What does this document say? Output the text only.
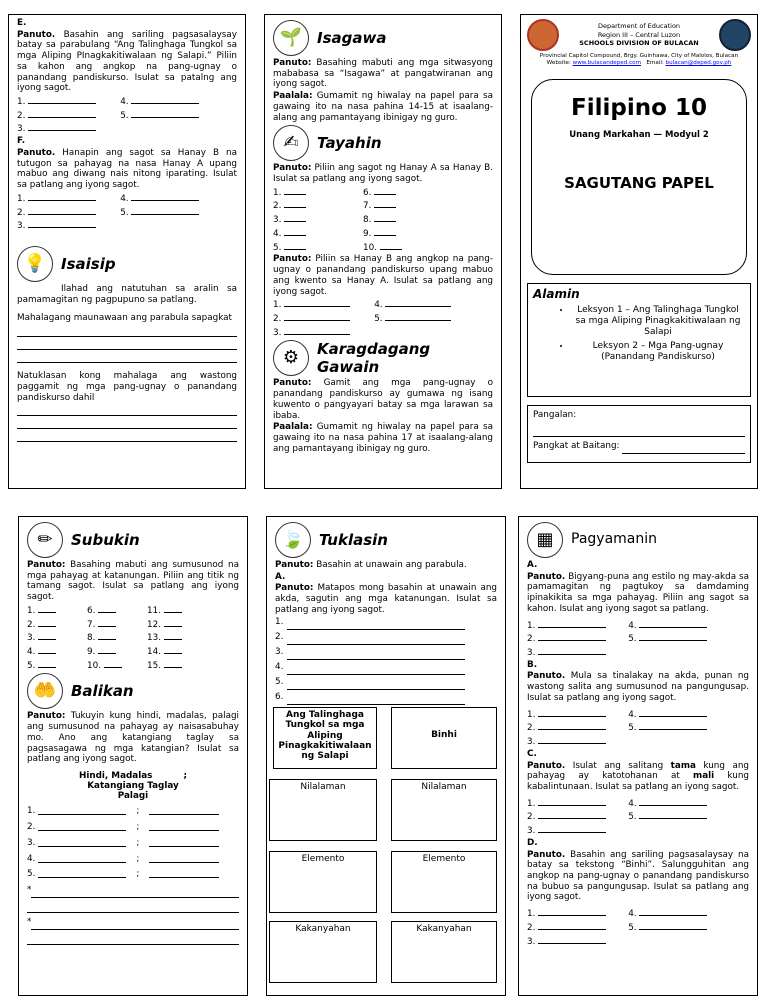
E.

Panuto. Basahin ang sariling pagsasalaysay batay sa parabulang “Ang Talinghaga Tungkol sa mga Aliping PInagkakitiwalaan ng Salapi.” Piliin sa kahon ang angkop na pang-ugnay o panandang pandiskurso. Isulat sa patalng ang iyong sagot.

1.	4.
2.	5.
3.
F.

Panuto. Hanapin ang sagot sa Hanay B na tutugon sa pahayag na nasa Hanay A upang mabuo ang diwang nais nitong iparating. Isulat sa patlang ang iyong sagot.

1.	4.
2.	5.
3.
💡 Isaisip

Ilahad ang natutuhan sa aralin sa pamamagitan ng pagpupuno sa patlang.

Mahalagang maunawaan ang parabula sapagkat

Natuklasan kong mahalaga ang wastong paggamit ng mga pang-ugnay o panandang pandiskurso dahil

🌱 Isagawa

Panuto: Basahing mabuti ang mga sitwasyong mababasa sa “Isagawa” at pangatwiranan ang iyong sagot.

Paalala: Gumamit ng hiwalay na papel para sa gawaing ito na nasa pahina 14-15 at isaalang-alang ang pamantayang ibinigay ng guro.

✍	Tayahin

Panuto: Piliin ang sagot ng Hanay A sa Hanay B. Isulat sa patlang ang iyong sagot.

1.	6.
2.	7.
3.	8.
4.	9.
5.	10.

Panuto: Piliin sa Hanay B ang angkop na pang-ugnay o panandang pandiskurso upang mabuo ang kwento sa Hanay A. Isulat sa patlang ang iyong sagot.

1.	4.
2.	5.
3.
⚙	Karagdagang Gawain

Panuto: Gamit ang mga pang-ugnay o panandang pandiskurso ay gumawa ng isang kuwento o pangyayari batay sa mga larawan sa ibaba.

Paalala: Gumamit ng hiwalay na papel para sa gawaing ito na nasa pahina 17 at isaalang-alang ang pamantayang ibinigay ng guro.

Department of Education
Region III – Central Luzon
SCHOOLS DIVISION OF BULACAN
Provincial Capitol Compound, Brgy. Guinhawa, City of Malolos, Bulacan
Website: www.bulacandeped.com Email: bulacan@deped.gov.ph
Filipino 10
Unang Markahan — Modyul 2
SAGUTANG PAPEL
Alamin
• Leksyon 1 – Ang Talinghaga Tungkol sa mga Aliping Pinagkakitiwalaan ng Salapi
• Leksyon 2 – Mga Pang-ugnay (Panandang Pandiskurso)
Pangalan:
Pangkat at Baitang:
✏	Subukin

Panuto: Basahing mabuti ang sumusunod na mga pahayag at katanungan. Piliin ang titik ng tamang sagot. Isulat sa patlang ang iyong sagot.

1.	6.	11.
2.	7.	12.
3.	8.	13.
4.	9.	14.
5.	10.	15.
🤲 Balikan

Panuto: Tukuyin kung hindi, madalas, palagi ang sumusunod na pahayag ay naisasabuhay mo. Ano ang katangiang taglay sa pagsasagawa ng mga katangian? Isulat sa patlang ang iyong sagot.

Hindi, Madalas	;
Katangiang Taglay
Palagi
1.	;
2.	;
3.	;
4.	;
5.	;
*
*
🍃 Tuklasin

Panuto: Basahin at unawain ang parabula.

A.

Panuto: Matapos mong basahin at unawain ang akda, sagutin ang mga katanungan. Isulat sa patlang ang iyong sagot.

1.
2.
3.
4.
5.
6.
Ang Talinghaga Tungkol sa mga Aliping Pinagkakitiwalaan ng Salapi
Binhi
Nilalaman	Nilalaman
Elemento	Elemento
Kakanyahan	Kakanyahan
▦	Pagyamanin
A.

Panuto. Bigyang-puna ang estilo ng may-akda sa pamamagitan ng pagtukoy sa damdaming ipinakikita sa mga pahayag. Piliin ang sagot sa kahon. Isulat ang iyong sagot sa patlang.

1.	4.
2.	5.
3.
B.

Panuto. Mula sa tinalakay na akda, punan ng wastong salita ang sumusunod na pangungusap. Isulat sa patlang ang iyong sagot.

1.	4.
2.	5.
3.
C.

Panuto. Isulat ang salitang tama kung ang pahayag ay katotohanan at mali kung kabalintunaan. Isulat sa patlang an iyong sagot.

1.	4.
2.	5.
3.
D.

Panuto. Basahin ang sariling pagsasalaysay na batay sa tekstong “Binhi”. Salungguhitan ang angkop na pang-ugnay o panandang pandiskurso na bubuo sa pangungusap. Isulat sa patlang ang iyong sagot.

1.	4.
2.	5.
3.
